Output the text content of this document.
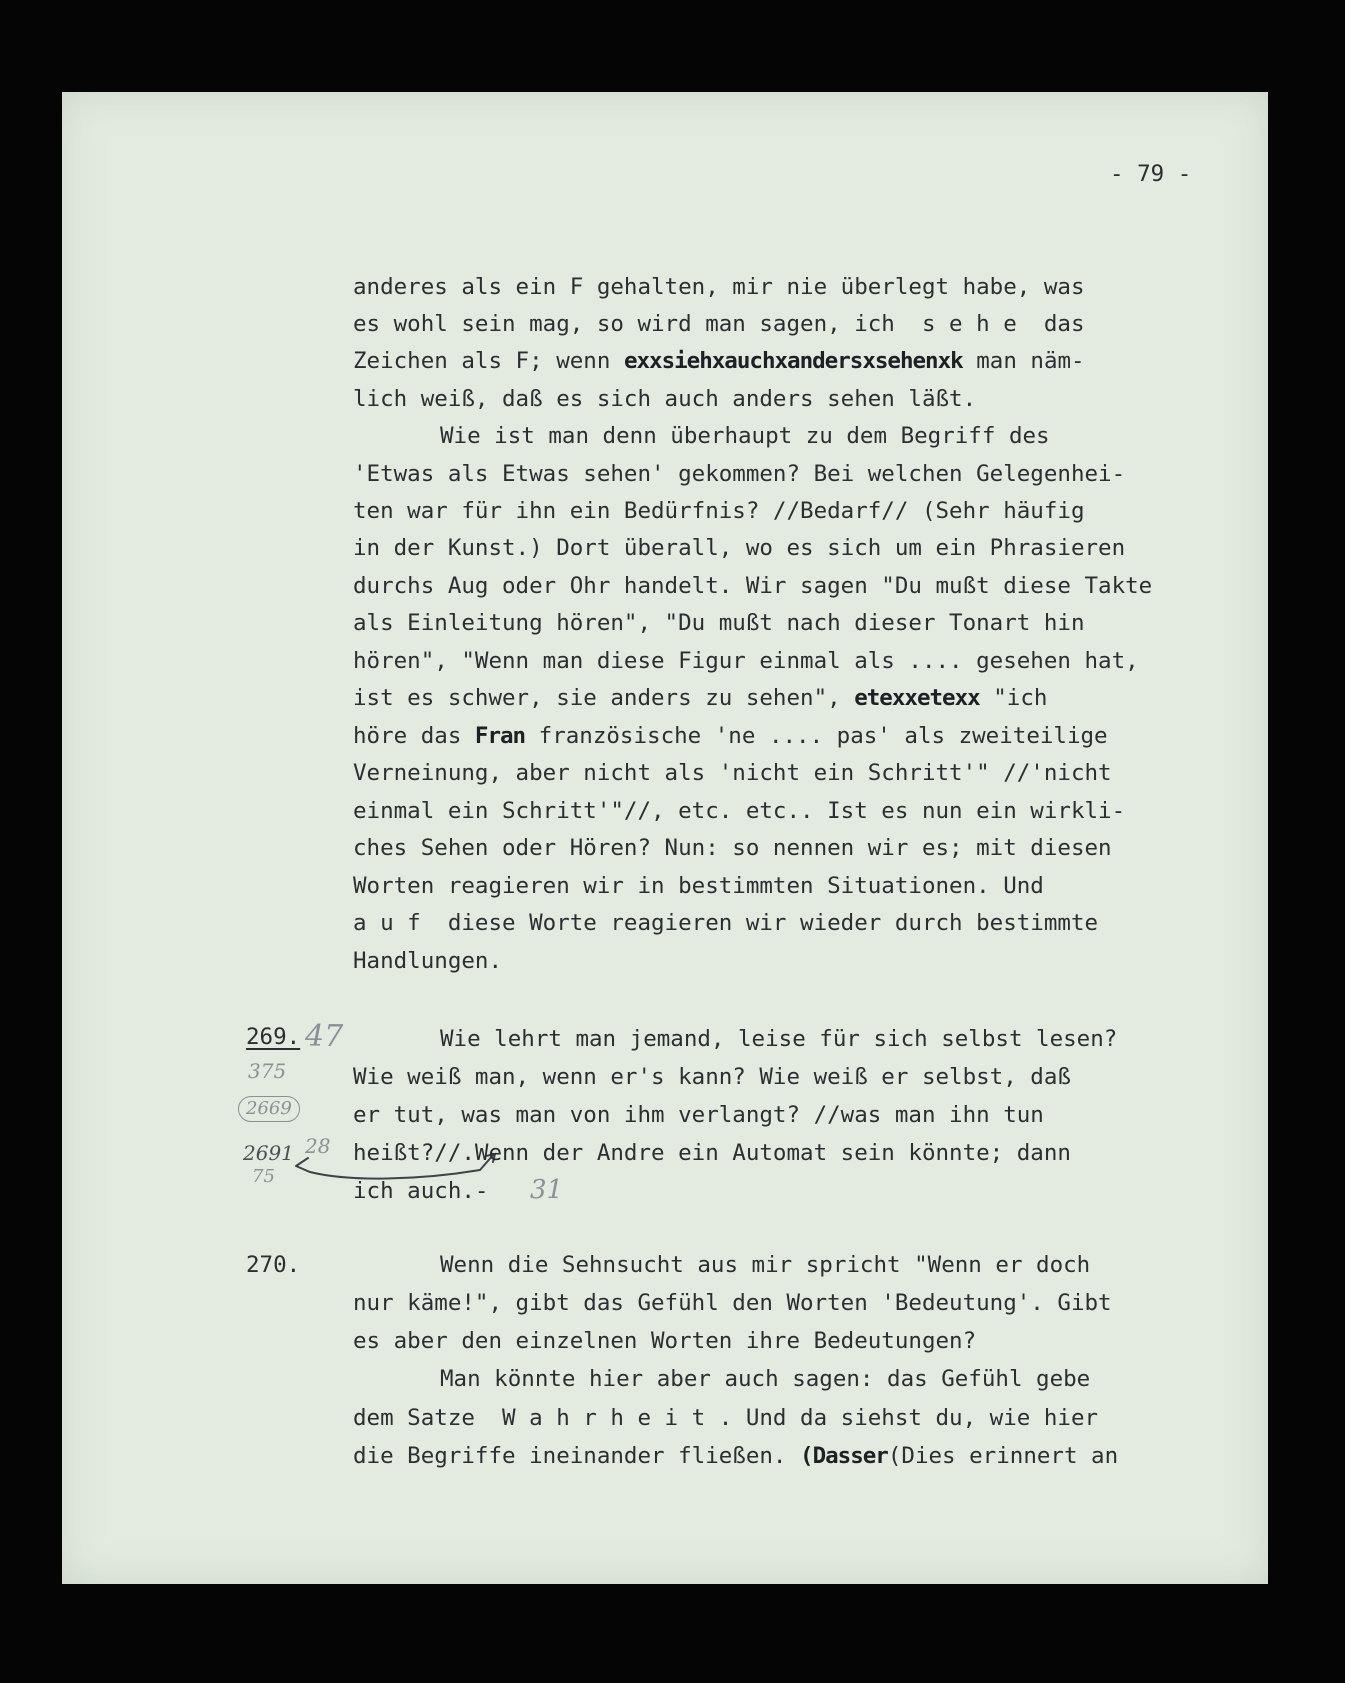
- 79 -
anderes als ein F gehalten, mir nie überlegt habe, was
es wohl sein mag, so wird man sagen, ich  s e h e  das
Zeichen als F; wenn exxsiehxauchxandersxsehenxk man näm-
lich weiß, daß es sich auch anders sehen läßt.
Wie ist man denn überhaupt zu dem Begriff des
'Etwas als Etwas sehen' gekommen? Bei welchen Gelegenhei-
ten war für ihn ein Bedürfnis? //Bedarf// (Sehr häufig
in der Kunst.) Dort überall, wo es sich um ein Phrasieren
durchs Aug oder Ohr handelt. Wir sagen "Du mußt diese Takte
als Einleitung hören", "Du mußt nach dieser Tonart hin
hören", "Wenn man diese Figur einmal als .... gesehen hat,
ist es schwer, sie anders zu sehen", etexxetexx "ich
höre das Fran französische 'ne .... pas' als zweiteilige
Verneinung, aber nicht als 'nicht ein Schritt'" //'nicht
einmal ein Schritt'"//, etc. etc.. Ist es nun ein wirkli-
ches Sehen oder Hören? Nun: so nennen wir es; mit diesen
Worten reagieren wir in bestimmten Situationen. Und
a u f  diese Worte reagieren wir wieder durch bestimmte
Handlungen.
269. 47
375
2669
2691 28
75
Wie lehrt man jemand, leise für sich selbst lesen?
Wie weiß man, wenn er's kann? Wie weiß er selbst, daß
er tut, was man von ihm verlangt? //was man ihn tun
heißt?//.Wenn der Andre ein Automat sein könnte; dann
ich auch.- 31
270.	Wenn die Sehnsucht aus mir spricht "Wenn er doch
nur käme!", gibt das Gefühl den Worten 'Bedeutung'. Gibt
es aber den einzelnen Worten ihre Bedeutungen?
Man könnte hier aber auch sagen: das Gefühl gebe
dem Satze  W a h r h e i t . Und da siehst du, wie hier
die Begriffe ineinander fließen. (Dasser(Dies erinnert an
